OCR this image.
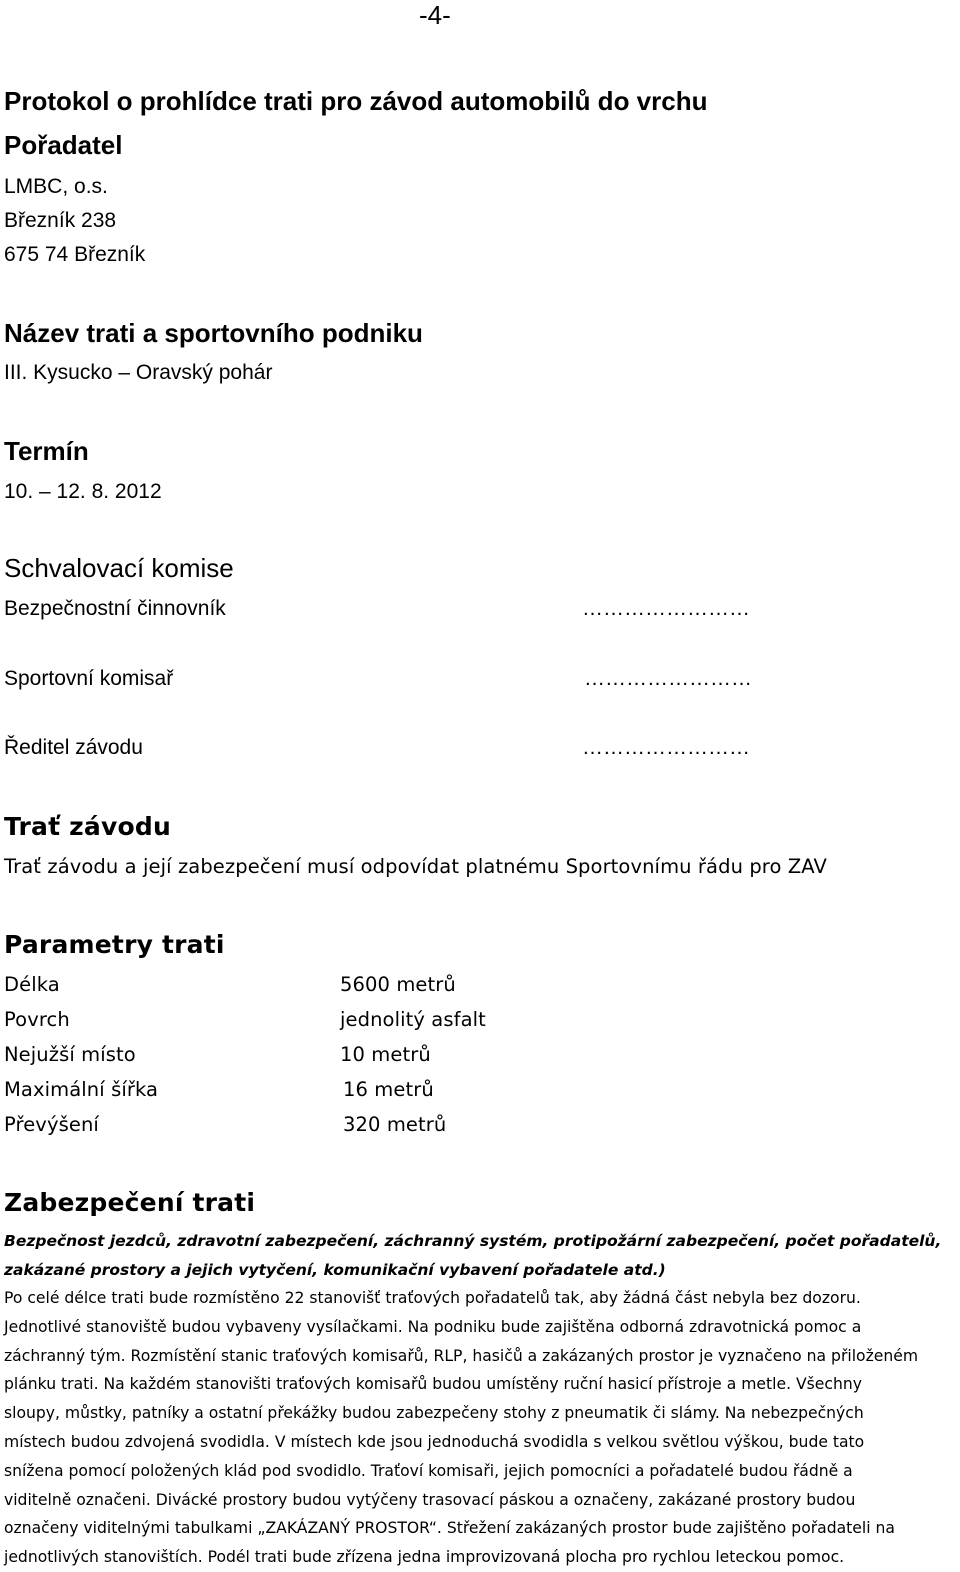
-4-
Protokol o prohlídce trati pro závod automobilů do vrchu
Pořadatel
LMBC, o.s.
Březník 238
675 74 Březník
Název trati a sportovního podniku
III. Kysucko – Oravský pohár
Termín
10. – 12. 8. 2012
Schvalovací komise
Bezpečnostní činnovník	……………………
Sportovní komisař	……………………
Ředitel závodu	……………………
Trať závodu
Trať závodu a její zabezpečení musí odpovídat platnému Sportovnímu řádu pro ZAV
Parametry trati
Délka	5600 metrů
Povrch	jednolitý asfalt
Nejužší místo	10 metrů
Maximální šířka	16 metrů
Převýšení	320 metrů
Zabezpečení trati
Bezpečnost jezdců, zdravotní zabezpečení, záchranný systém, protipožární zabezpečení, počet pořadatelů,
zakázané prostory a jejich vytyčení, komunikační vybavení pořadatele atd.)
Po celé délce trati bude rozmístěno 22 stanovišť traťových pořadatelů tak, aby žádná část nebyla bez dozoru.
Jednotlivé stanoviště budou vybaveny vysílačkami. Na podniku bude zajištěna odborná zdravotnická pomoc a
záchranný tým. Rozmístění stanic traťových komisařů, RLP, hasičů a zakázaných prostor je vyznačeno na přiloženém
plánku trati. Na každém stanovišti traťových komisařů budou umístěny ruční hasicí přístroje a metle. Všechny
sloupy, můstky, patníky a ostatní překážky budou zabezpečeny stohy z pneumatik či slámy. Na nebezpečných
místech budou zdvojená svodidla. V místech kde jsou jednoduchá svodidla s velkou světlou výškou, bude tato
snížena pomocí položených klád pod svodidlo. Traťoví komisaři, jejich pomocníci a pořadatelé budou řádně a
viditelně označeni. Divácké prostory budou vytýčeny trasovací páskou a označeny, zakázané prostory budou
označeny viditelnými tabulkami „ZAKÁZANÝ PROSTOR“. Střežení zakázaných prostor bude zajištěno pořadateli na
jednotlivých stanovištích. Podél trati bude zřízena jedna improvizovaná plocha pro rychlou leteckou pomoc.
